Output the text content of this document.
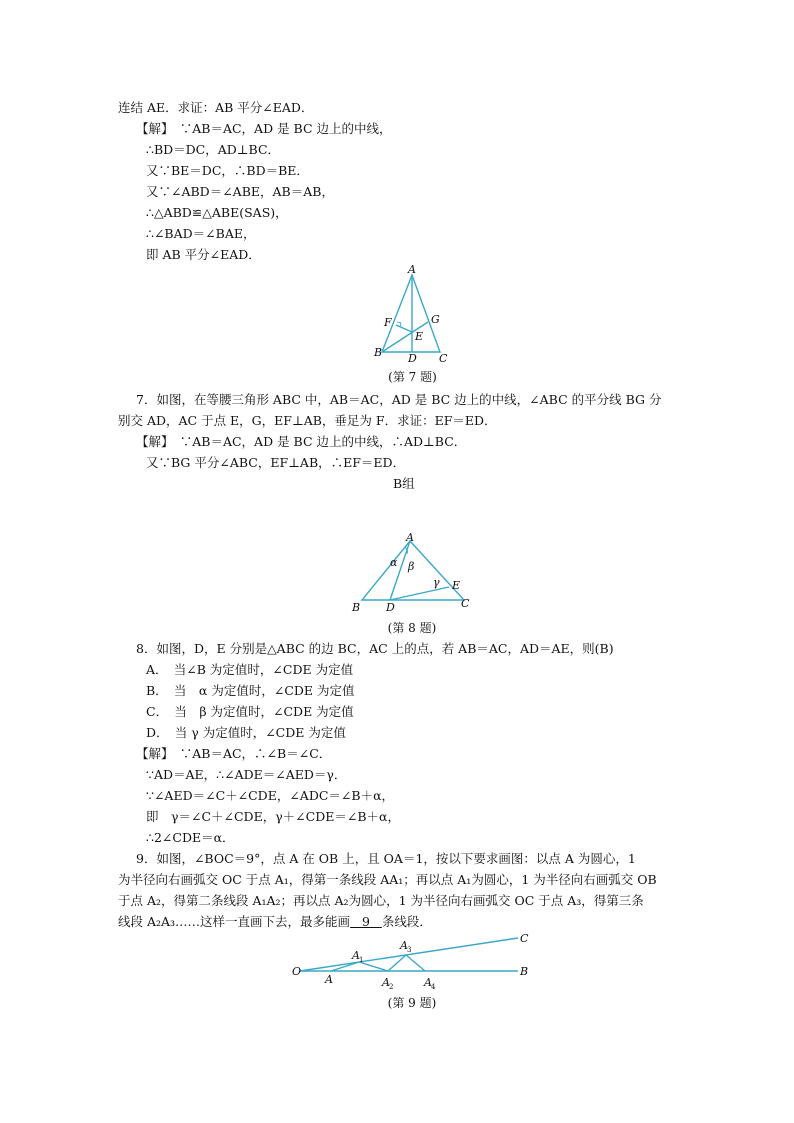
连结 AE．求证：AB 平分∠EAD．
【解】　∵AB＝AC，AD 是 BC 边上的中线，
∴BD＝DC，AD⊥BC．
又∵BE＝DC，∴BD＝BE．
又∵∠ABD＝∠ABE，AB＝AB，
∴△ABD≌△ABE(SAS)，
∴∠BAD＝∠BAE，
即 AB 平分∠EAD．
A
F	G
E
B D C
(第 7 题)
7．如图，在等腰三角形 ABC 中，AB＝AC，AD 是 BC 边上的中线，∠ABC 的平分线 BG 分
别交 AD，AC 于点 E，G，EF⊥AB，垂足为 F．求证：EF＝ED．
【解】　∵AB＝AC，AD 是 BC 边上的中线，∴AD⊥BC．
又∵BG 平分∠ABC，EF⊥AB，∴EF＝ED．
B组
A
α β
γ E
B D	C
(第 8 题)
8．如图，D，E 分别是△ABC 的边 BC，AC 上的点，若 AB＝AC，AD＝AE，则(B)
A．　当∠B 为定值时，∠CDE 为定值
B．　当　α 为定值时，∠CDE 为定值
C．　当　β 为定值时，∠CDE 为定值
D．　当 γ 为定值时，∠CDE 为定值
【解】　∵AB＝AC，∴∠B＝∠C．
∵AD＝AE，∴∠ADE＝∠AED＝γ．
∵∠AED＝∠C＋∠CDE，∠ADC＝∠B＋α，
即　γ＝∠C＋∠CDE，γ＋∠CDE＝∠B＋α，
∴2∠CDE＝α．
9．如图，∠BOC＝9°，点 A 在 OB 上，且 OA＝1，按以下要求画图：以点 A 为圆心，1
为半径向右画弧交 OC 于点 A₁，得第一条线段 AA₁；再以点 A₁为圆心，1 为半径向右画弧交 OB
于点 A₂，得第二条线段 A₁A₂；再以点 A₂为圆心，1 为半径向右画弧交 OC 于点 A₃，得第三条
线段 A₂A₃……这样一直画下去，最多能画 9 条线段．
C
A 3
A 1
O
A	A 2	A 4
B
(第 9 题)
